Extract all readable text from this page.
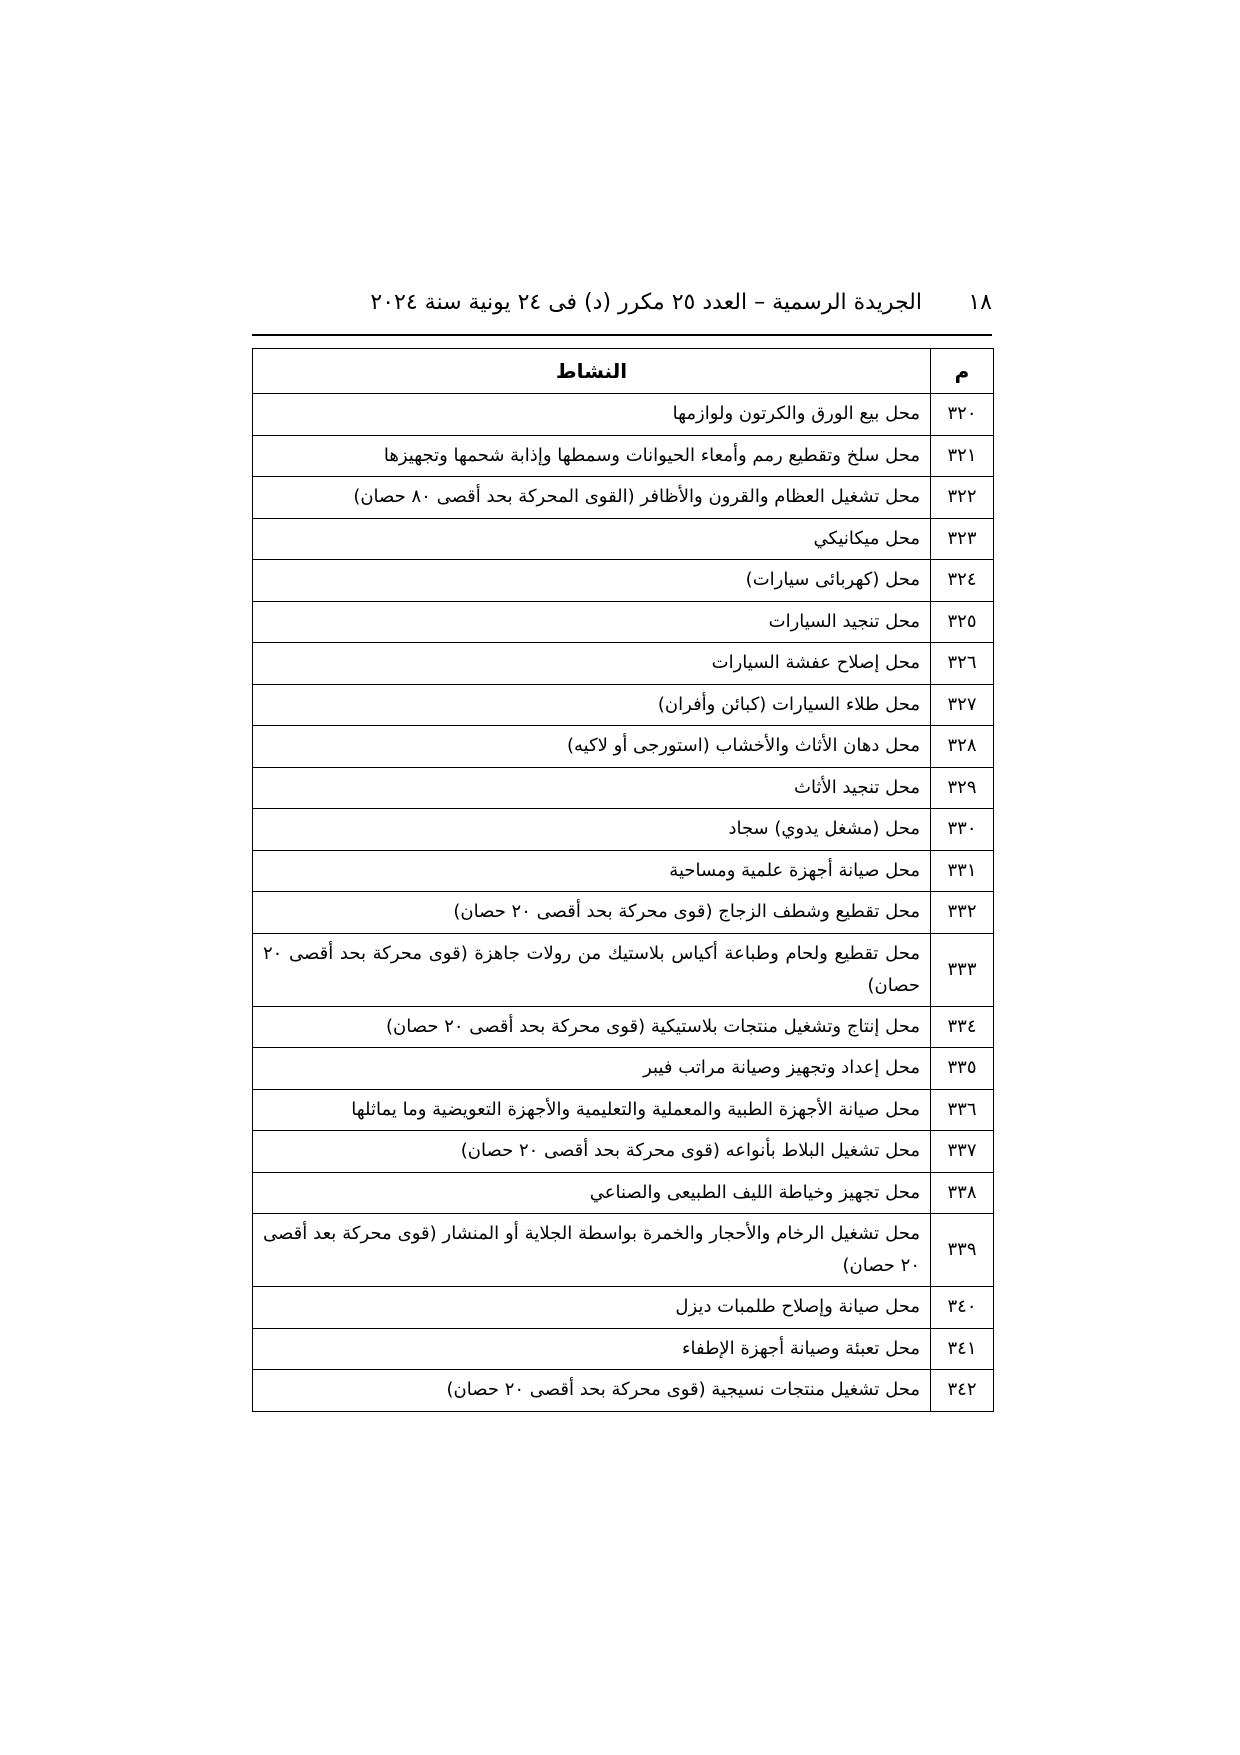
١٨
الجريدة الرسمية – العدد ٢٥ مكرر (د) فى ٢٤ يونية سنة ٢٠٢٤
م	النشاط
٣٢٠	محل بيع الورق والكرتون ولوازمها
٣٢١	محل سلخ وتقطيع رمم وأمعاء الحيوانات وسمطها وإذابة شحمها وتجهيزها
٣٢٢	محل تشغيل العظام والقرون والأظافر (القوى المحركة بحد أقصى ٨٠ حصان)
٣٢٣	محل ميكانيكي
٣٢٤	محل (كهربائى سيارات)
٣٢٥	محل تنجيد السيارات
٣٢٦	محل إصلاح عفشة السيارات
٣٢٧	محل طلاء السيارات (كبائن وأفران)
٣٢٨	محل دهان الأثاث والأخشاب (استورجى أو لاكيه)
٣٢٩	محل تنجيد الأثاث
٣٣٠	محل (مشغل يدوي) سجاد
٣٣١	محل صيانة أجهزة علمية ومساحية
٣٣٢	محل تقطيع وشطف الزجاج (قوى محركة بحد أقصى ٢٠ حصان)
٣٣٣	محل تقطيع ولحام وطباعة أكياس بلاستيك من رولات جاهزة (قوى محركة بحد أقصى ٢٠ حصان)
٣٣٤	محل إنتاج وتشغيل منتجات بلاستيكية (قوى محركة بحد أقصى ٢٠ حصان)
٣٣٥	محل إعداد وتجهيز وصيانة مراتب فيبر
٣٣٦	محل صيانة الأجهزة الطبية والمعملية والتعليمية والأجهزة التعويضية وما يماثلها
٣٣٧	محل تشغيل البلاط بأنواعه (قوى محركة بحد أقصى ٢٠ حصان)
٣٣٨	محل تجهيز وخياطة الليف الطبيعى والصناعي
٣٣٩	محل تشغيل الرخام والأحجار والخمرة بواسطة الجلاية أو المنشار (قوى محركة بعد أقصى ٢٠ حصان)
٣٤٠	محل صيانة وإصلاح طلمبات ديزل
٣٤١	محل تعبئة وصيانة أجهزة الإطفاء
٣٤٢	محل تشغيل منتجات نسيجية (قوى محركة بحد أقصى ٢٠ حصان)
